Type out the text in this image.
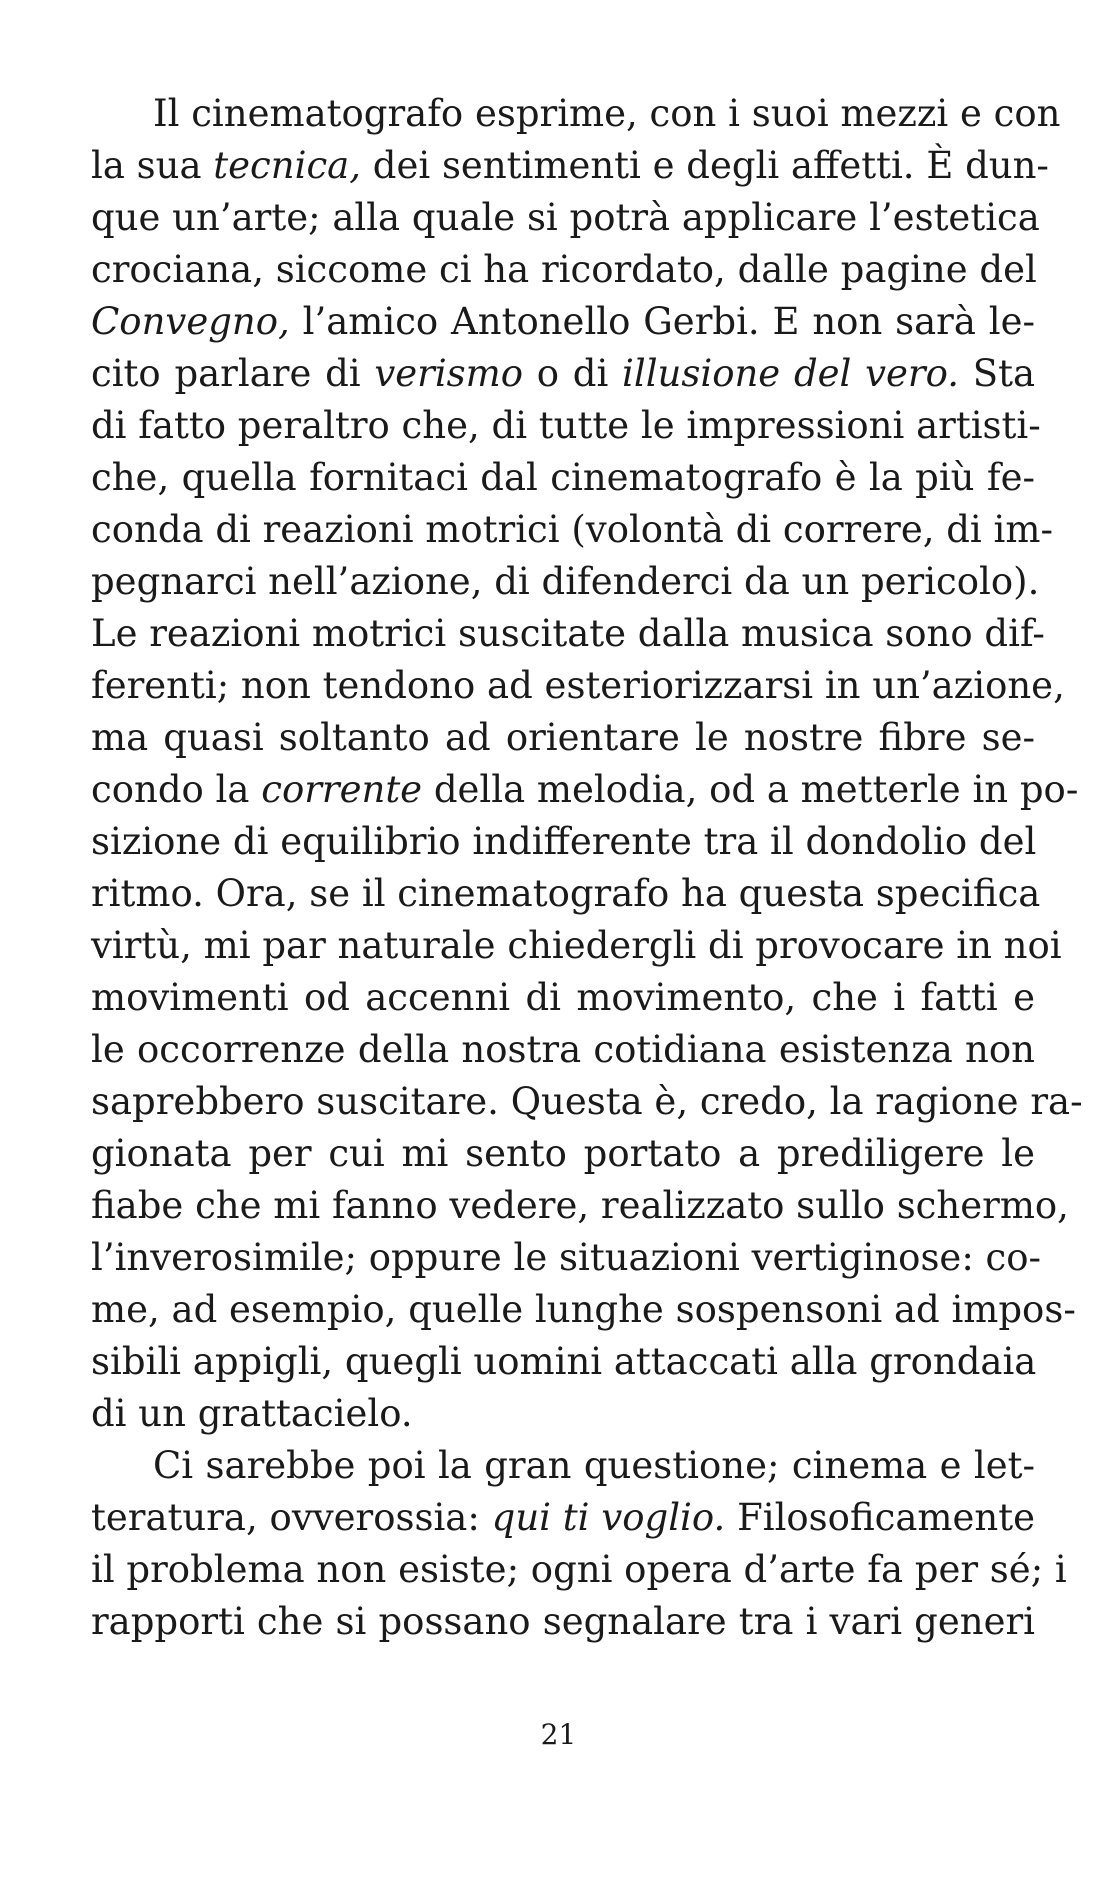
Il cinematografo esprime, con i suoi mezzi e con
la sua tecnica, dei sentimenti e degli affetti. È dun-
que un’arte; alla quale si potrà applicare l’estetica
crociana, siccome ci ha ricordato, dalle pagine del
Convegno, l’amico Antonello Gerbi. E non sarà le-
cito parlare di verismo o di illusione del vero. Sta
di fatto peraltro che, di tutte le impressioni artisti-
che, quella fornitaci dal cinematografo è la più fe-
conda di reazioni motrici (volontà di correre, di im-
pegnarci nell’azione, di difenderci da un pericolo).
Le reazioni motrici suscitate dalla musica sono dif-
ferenti; non tendono ad esteriorizzarsi in un’azione,
ma quasi soltanto ad orientare le nostre fibre se-
condo la corrente della melodia, od a metterle in po-
sizione di equilibrio indifferente tra il dondolio del
ritmo. Ora, se il cinematografo ha questa specifica
virtù, mi par naturale chiedergli di provocare in noi
movimenti od accenni di movimento, che i fatti e
le occorrenze della nostra cotidiana esistenza non
saprebbero suscitare. Questa è, credo, la ragione ra-
gionata per cui mi sento portato a prediligere le
fiabe che mi fanno vedere, realizzato sullo schermo,
l’inverosimile; oppure le situazioni vertiginose: co-
me, ad esempio, quelle lunghe sospensoni ad impos-
sibili appigli, quegli uomini attaccati alla grondaia
di un grattacielo.
Ci sarebbe poi la gran questione; cinema e let-
teratura, ovverossia: qui ti voglio. Filosoficamente
il problema non esiste; ogni opera d’arte fa per sé; i
rapporti che si possano segnalare tra i vari generi
21
